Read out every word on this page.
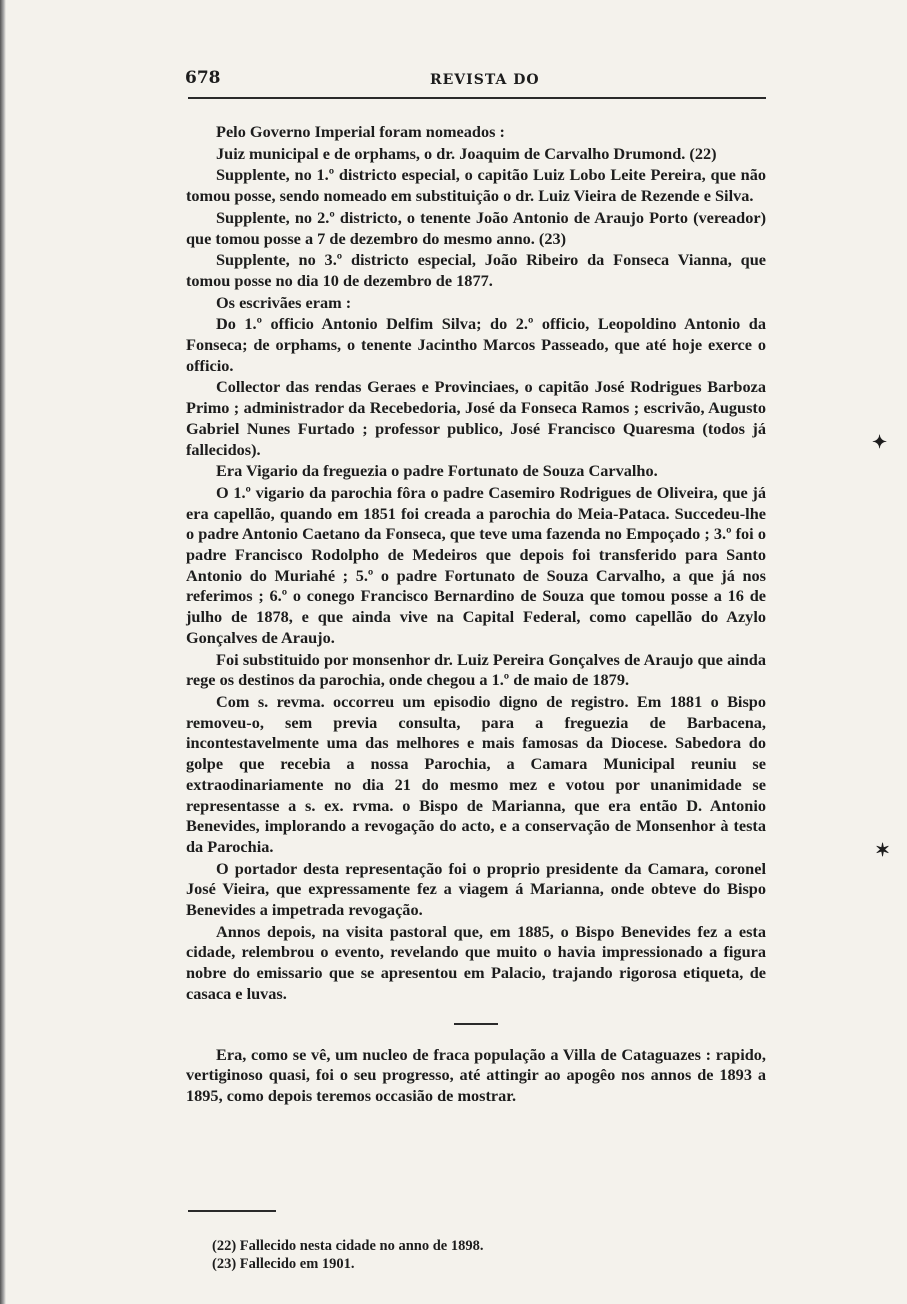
678	REVISTA DO

Pelo Governo Imperial foram nomeados :

Juiz municipal e de orphams, o dr. Joaquim de Carvalho Drumond. (22)

Supplente, no 1.º districto especial, o capitão Luiz Lobo Leite Pereira, que não tomou posse, sendo nomeado em substituição o dr. Luiz Vieira de Rezende e Silva.

Supplente, no 2.º districto, o tenente João Antonio de Araujo Porto (vereador) que tomou posse a 7 de dezembro do mesmo anno. (23)

Supplente, no 3.º districto especial, João Ribeiro da Fonseca Vianna, que tomou posse no dia 10 de dezembro de 1877.

Os escrivães eram :

Do 1.º officio Antonio Delfim Silva; do 2.º officio, Leopoldino Antonio da Fonseca; de orphams, o tenente Jacintho Marcos Passeado, que até hoje exerce o officio.

Collector das rendas Geraes e Provinciaes, o capitão José Rodrigues Barboza Primo ; administrador da Recebedoria, José da Fonseca Ramos ; escrivão, Augusto Gabriel Nunes Furtado ; professor publico, José Francisco Quaresma (todos já fallecidos).

Era Vigario da freguezia o padre Fortunato de Souza Carvalho.

O 1.º vigario da parochia fôra o padre Casemiro Rodrigues de Oliveira, que já era capellão, quando em 1851 foi creada a parochia do Meia-Pataca. Succedeu-lhe o padre Antonio Caetano da Fonseca, que teve uma fazenda no Empoçado ; 3.º foi o padre Francisco Rodolpho de Medeiros que depois foi transferido para Santo Antonio do Muriahé ; 5.º o padre Fortunato de Souza Carvalho, a que já nos referimos ; 6.º o conego Francisco Bernardino de Souza que tomou posse a 16 de julho de 1878, e que ainda vive na Capital Federal, como capellão do Azylo Gonçalves de Araujo.

Foi substituido por monsenhor dr. Luiz Pereira Gonçalves de Araujo que ainda rege os destinos da parochia, onde chegou a 1.º de maio de 1879.

Com s. revma. occorreu um episodio digno de registro. Em 1881 o Bispo removeu-o, sem previa consulta, para a freguezia de Barbacena, incontestavelmente uma das melhores e mais famosas da Diocese. Sabedora do golpe que recebia a nossa Parochia, a Camara Municipal reuniu se extraodinariamente no dia 21 do mesmo mez e votou por unanimidade se representasse a s. ex. rvma. o Bispo de Marianna, que era então D. Antonio Benevides, implorando a revogação do acto, e a conservação de Monsenhor à testa da Parochia.

O portador desta representação foi o proprio presidente da Camara, coronel José Vieira, que expressamente fez a viagem á Marianna, onde obteve do Bispo Benevides a impetrada revogação.

Annos depois, na visita pastoral que, em 1885, o Bispo Benevides fez a esta cidade, relembrou o evento, revelando que muito o havia impressionado a figura nobre do emissario que se apresentou em Palacio, trajando rigorosa etiqueta, de casaca e luvas.

Era, como se vê, um nucleo de fraca população a Villa de Cataguazes : rapido, vertiginoso quasi, foi o seu progresso, até attingir ao apogêo nos annos de 1893 a 1895, como depois teremos occasião de mostrar.

(22) Fallecido nesta cidade no anno de 1898.

(23) Fallecido em 1901.

✦
✶
